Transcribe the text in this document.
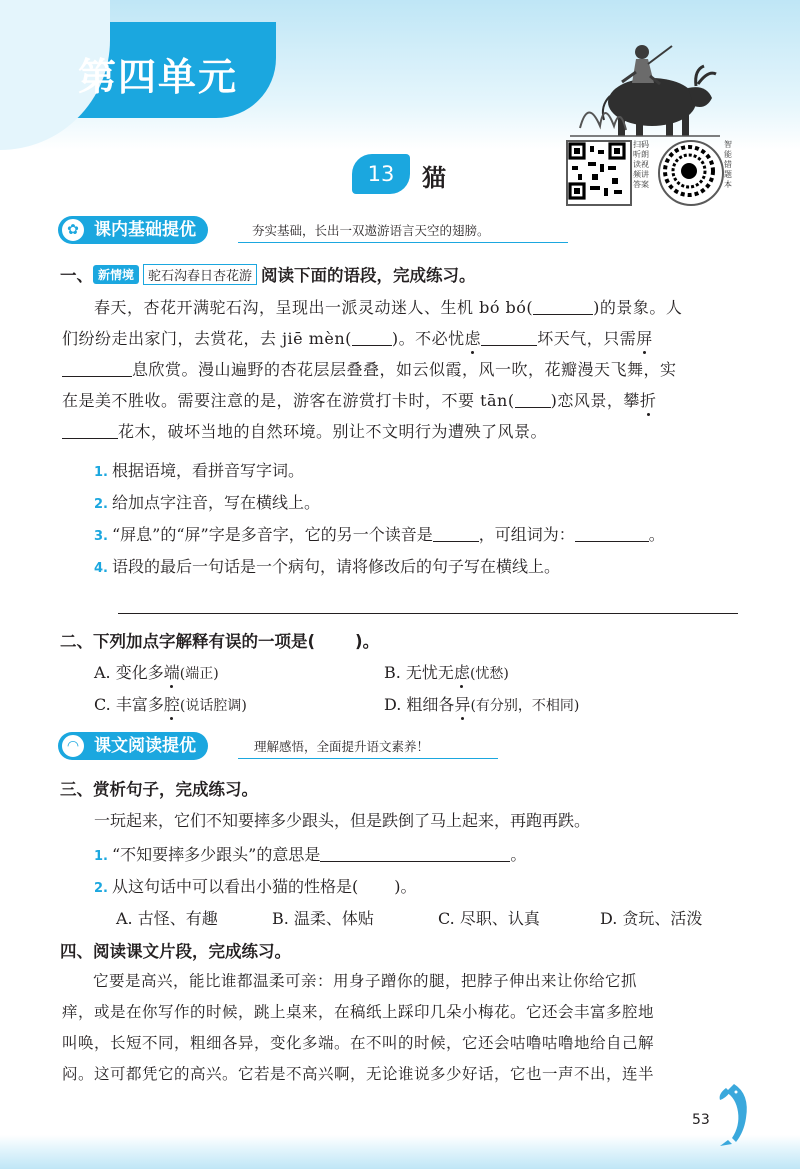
第四单元
扫码听朗读视频讲答案
智能错题本
13	猫
课内基础提优
✿	夯实基础，长出一双遨游语言天空的翅膀。
一、 新情境 驼石沟春日杏花游 阅读下面的语段，完成练习。

春天，杏花开满驼石沟，呈现出一派灵动迷人、生机 bó bó(	)的景象。人

们纷纷走出家门，去赏花，去 jiē mèn(	)。不必忧虑	坏天气，只需屏

息欣赏。漫山遍野的杏花层层叠叠，如云似霞，风一吹，花瓣漫天飞舞，实

在是美不胜收。需要注意的是，游客在游赏打卡时，不要 tān( )恋风景，攀折

花木，破坏当地的自然环境。别让不文明行为遭殃了风景。

1. 根据语境，看拼音写字词。
2. 给加点字注音，写在横线上。
3. “屏息”的“屏”字是多音字，它的另一个读音是	，可组词为：	。
4. 语段的最后一句话是一个病句，请将修改后的句子写在横线上。
二、下列加点字解释有误的一项是( )。
A. 变化多端(端正)	B. 无忧无虑(忧愁)
C. 丰富多腔(说话腔调)	D. 粗细各异(有分别，不相同)
课文阅读提优
◠	理解感悟，全面提升语文素养！
三、赏析句子，完成练习。
一玩起来，它们不知要摔多少跟头，但是跌倒了马上起来，再跑再跌。
1. “不知要摔多少跟头”的意思是	。
2. 从这句话中可以看出小猫的性格是( )。
A. 古怪、有趣	B. 温柔、体贴	C. 尽职、认真	D. 贪玩、活泼
四、阅读课文片段，完成练习。

它要是高兴，能比谁都温柔可亲：用身子蹭你的腿，把脖子伸出来让你给它抓

痒，或是在你写作的时候，跳上桌来，在稿纸上踩印几朵小梅花。它还会丰富多腔地

叫唤，长短不同，粗细各异，变化多端。在不叫的时候，它还会咕噜咕噜地给自己解

闷。这可都凭它的高兴。它若是不高兴啊，无论谁说多少好话，它也一声不出，连半

53
